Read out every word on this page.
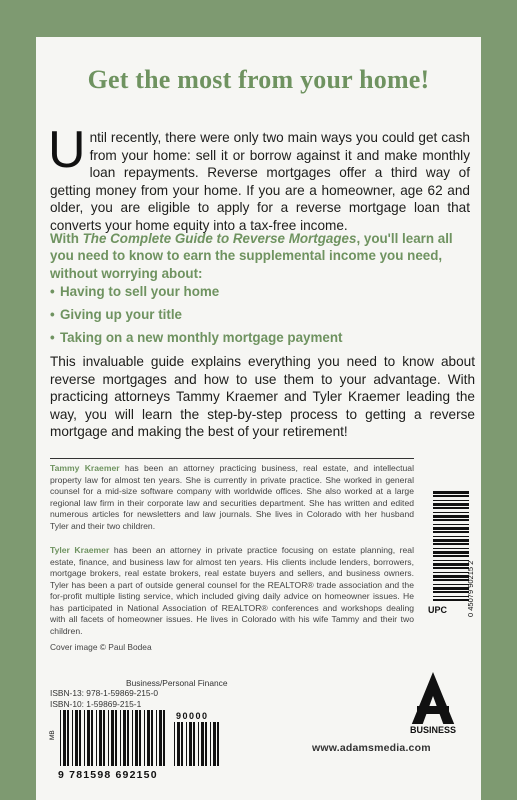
Get the most from your home!
Until recently, there were only two main ways you could get cash from your home: sell it or borrow against it and make monthly loan repayments. Reverse mortgages offer a third way of getting money from your home. If you are a homeowner, age 62 and older, you are eligible to apply for a reverse mortgage loan that converts your home equity into a tax-free income.
With The Complete Guide to Reverse Mortgages, you'll learn all you need to know to earn the supplemental income you need, without worrying about:
• Having to sell your home
• Giving up your title
• Taking on a new monthly mortgage payment
This invaluable guide explains everything you need to know about reverse mortgages and how to use them to your advantage. With practicing attorneys Tammy Kraemer and Tyler Kraemer leading the way, you will learn the step-by-step process to getting a reverse mortgage and making the best of your retirement!
Tammy Kraemer has been an attorney practicing business, real estate, and intellectual property law for almost ten years. She is currently in private practice. She worked in general counsel for a mid-size software company with worldwide offices. She also worked at a large regional law firm in their corporate law and securities department. She has written and edited numerous articles for newsletters and law journals. She lives in Colorado with her husband Tyler and their two children.
Tyler Kraemer has been an attorney in private practice focusing on estate planning, real estate, finance, and business law for almost ten years. His clients include lenders, borrowers, mortgage brokers, real estate brokers, real estate buyers and sellers, and business owners. Tyler has been a part of outside general counsel for the REALTOR® trade association and the for-profit multiple listing service, which included giving daily advice on homeowner issues. He has participated in National Association of REALTOR® conferences and workshops dealing with all facets of homeowner issues. He lives in Colorado with his wife Tammy and their two children.
Cover image © Paul Bodea
Business/Personal Finance
ISBN-13: 978-1-59869-215-0
ISBN-10: 1-59869-215-1
UPC	0 45079 90215 2
BUSINESS
MB
90000
9 781598 692150
www.adamsmedia.com
